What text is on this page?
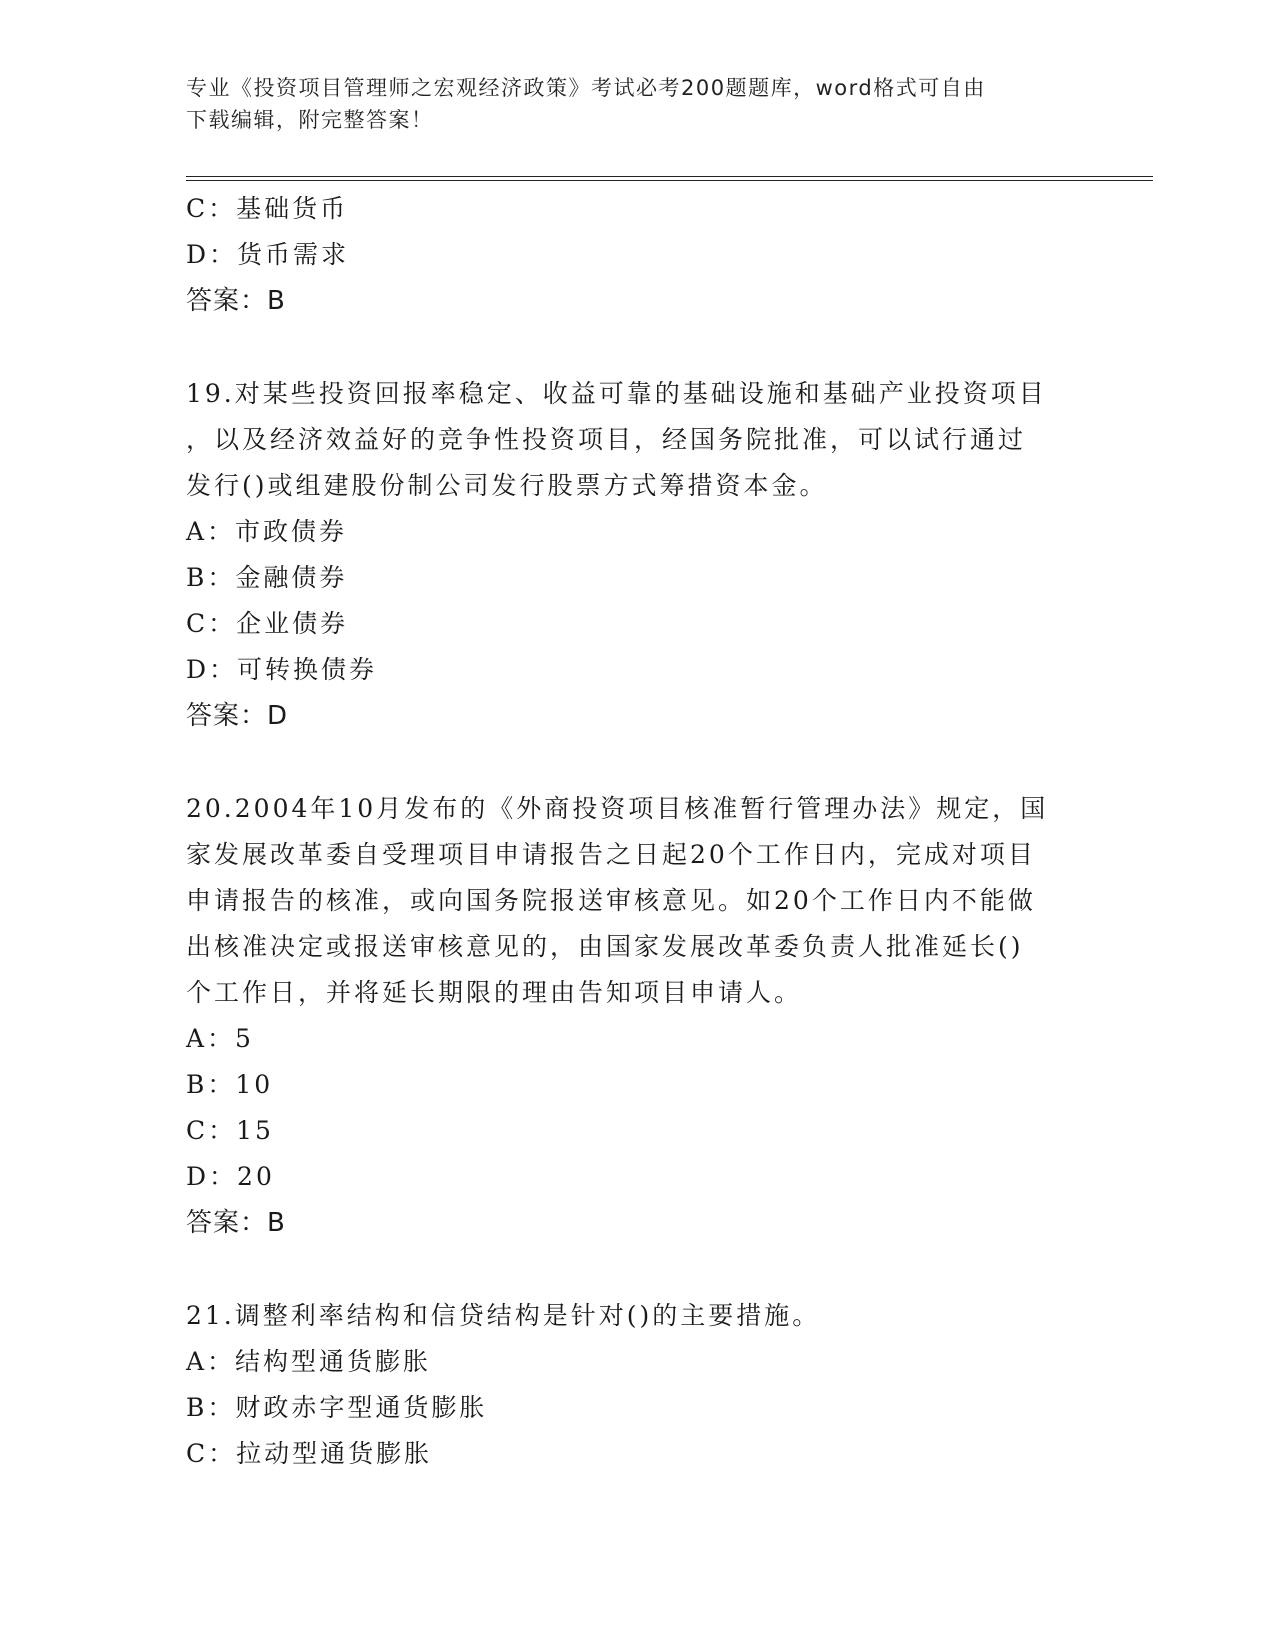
专业《投资项目管理师之宏观经济政策》考试必考200题题库，word格式可自由
下载编辑，附完整答案！
C：基础货币
D：货币需求
答案：B
19.对某些投资回报率稳定、收益可靠的基础设施和基础产业投资项目
，以及经济效益好的竞争性投资项目，经国务院批准，可以试行通过
发行()或组建股份制公司发行股票方式筹措资本金。
A：市政债券
B：金融债券
C：企业债券
D：可转换债券
答案：D
20.2004年10月发布的《外商投资项目核准暂行管理办法》规定，国
家发展改革委自受理项目申请报告之日起20个工作日内，完成对项目
申请报告的核准，或向国务院报送审核意见。如20个工作日内不能做
出核准决定或报送审核意见的，由国家发展改革委负责人批准延长()
个工作日，并将延长期限的理由告知项目申请人。
A：5
B：10
C：15
D：20
答案：B
21.调整利率结构和信贷结构是针对()的主要措施。
A：结构型通货膨胀
B：财政赤字型通货膨胀
C：拉动型通货膨胀
